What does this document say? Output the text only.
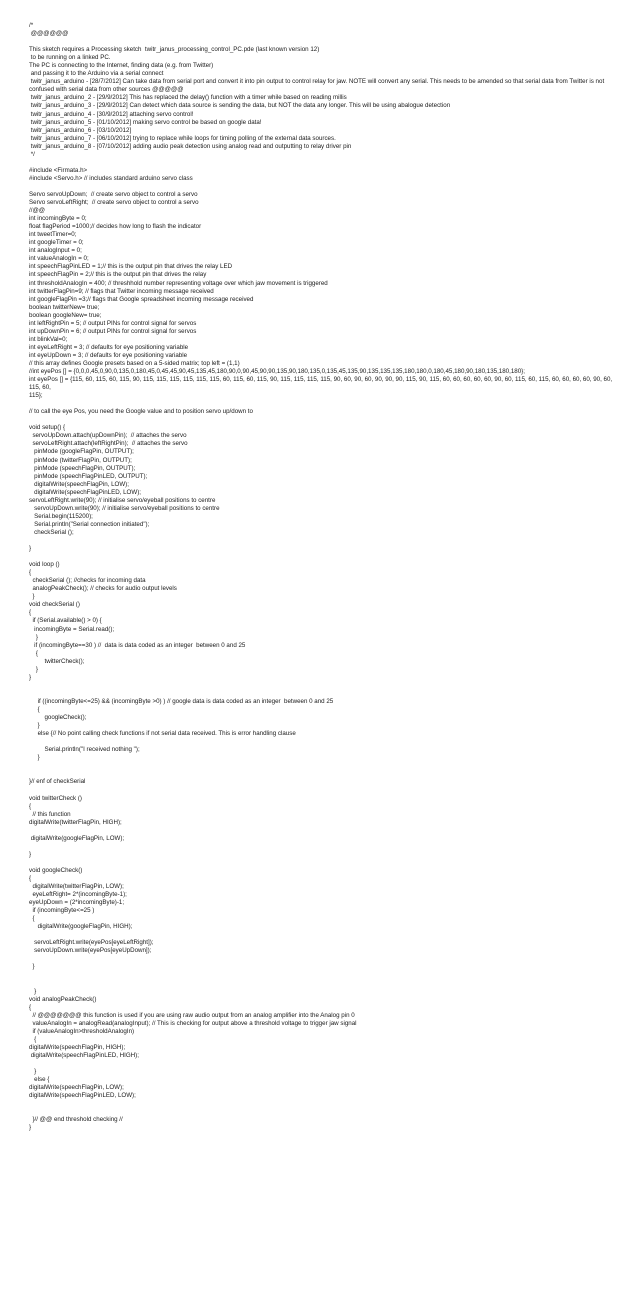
/*
@@@@@@
This sketch requires a Processing sketch  twitr_janus_processing_control_PC.pde (last known version 12)
to be running on a linked PC.
The PC is connecting to the Internet, finding data (e.g. from Twitter)
and passing it to the Arduino via a serial connect
twitr_janus_arduino - [28/7/2012] Can take data from serial port and convert it into pin output to control relay for jaw. NOTE will convert any serial. This needs to be amended so that serial data from Twitter is not
confused with serial data from other sources @@@@@
twitr_janus_arduino_2 - [29/9/2012] This has replaced the delay() function with a timer while based on reading millis
twitr_janus_arduino_3 - [29/9/2012] Can detect which data source is sending the data, but NOT the data any longer. This will be using abalogue detection
twitr_janus_arduino_4 - [30/9/2012] attaching servo control!
twitr_janus_arduino_5 - [01/10/2012] making servo control be based on google data!
twitr_janus_arduino_6 - [03/10/2012]
twitr_janus_arduino_7 - [06/10/2012] trying to replace while loops for timing polling of the external data sources.
twitr_janus_arduino_8 - [07/10/2012] adding audio peak detection using analog read and outputting to relay driver pin
*/
#include <Firmata.h>
#include <Servo.h> // includes standard arduino servo class
Servo servoUpDown;  // create servo object to control a servo
Servo servoLeftRight;  // create servo object to control a servo
//@@
int incomingByte = 0;
float flagPeriod =1000;// decides how long to flash the indicator
int tweetTimer=0;
int googleTimer = 0;
int analogInput = 0;
int valueAnalogIn = 0;
int speechFlagPinLED = 1;// this is the output pin that drives the relay LED
int speechFlagPin = 2;// this is the output pin that drives the relay
int thresholdAnalogIn = 400; // threshhold number representing voltage over which jaw movement is triggered
int twitterFlagPin=9; // flags that Twitter incoming message received
int googleFlagPin =3;// flags that Google spreadsheet incoming message received
boolean twitterNew= true;
boolean googleNew= true;
int leftRightPin = 5; // output PINs for control signal for servos
int upDownPin = 6; // output PINs for control signal for servos
int blinkVal=0;
int eyeLeftRight = 3; // defaults for eye positioning variable
int eyeUpDown = 3; // defaults for eye positioning variable
// this array defines Google presets based on a 5-sided matrix; top left = (1,1)
//int eyePos [] = {0,0,0,45,0,90,0,135,0,180,45,0,45,45,90,45,135,45,180,90,0,90,45,90,90,135,90,180,135,0,135,45,135,90,135,135,135,180,180,0,180,45,180,90,180,135,180,180};
int eyePos [] = {115, 60, 115, 60, 115, 90, 115, 115, 115, 115, 115, 115, 60, 115, 60, 115, 90, 115, 115, 115, 115, 90, 60, 90, 60, 90, 90, 90, 115, 90, 115, 60, 60, 60, 60, 60, 90, 60, 115, 60, 115, 60, 60, 60, 60, 90, 60, 115, 60,
115};
// to call the eye Pos, you need the Google value and to position servo up/down to
void setup() {
servoUpDown.attach(upDownPin);  // attaches the servo
servoLeftRight.attach(leftRightPin);  // attaches the servo
pinMode (googleFlagPin, OUTPUT);
pinMode (twitterFlagPin, OUTPUT);
pinMode (speechFlagPin, OUTPUT);
pinMode (speechFlagPinLED, OUTPUT);
digitalWrite(speechFlagPin, LOW);
digitalWrite(speechFlagPinLED, LOW);
servoLeftRight.write(90); // initialise servo/eyeball positions to centre
servoUpDown.write(90); // initialise servo/eyeball positions to centre
Serial.begin(115200);
Serial.println("Serial connection initiated");
checkSerial ();
}
void loop ()
{
checkSerial (); //checks for incoming data
analogPeakCheck(); // checks for audio output levels
}
void checkSerial ()
{
if (Serial.available() > 0) {
incomingByte = Serial.read();
}
if (incomingByte==30 ) //  data is data coded as an integer  between 0 and 25
{
twitterCheck();
}
}
if ((incomingByte<=25) && (incomingByte >0) ) // google data is data coded as an integer  between 0 and 25
{
googleCheck();
}
else {// No point calling check functions if not serial data received. This is error handling clause
Serial.println("I received nothing ");
}
}// enf of checkSerial
void twitterCheck ()
{
// this function
digitalWrite(twitterFlagPin, HIGH);
digitalWrite(googleFlagPin, LOW);
}
void googleCheck()
{
digitalWrite(twitterFlagPin, LOW);
eyeLeftRight= 2*(incomingByte-1);
eyeUpDown = (2*incomingByte)-1;
if (incomingByte<=25 )
{
digitalWrite(googleFlagPin, HIGH);
servoLeftRight.write(eyePos[eyeLeftRight]);
servoUpDown.write(eyePos[eyeUpDown]);
}
}
void analogPeakCheck()
{
// @@@@@@@ this function is used if you are using raw audio output from an analog amplifier into the Analog pin 0
valueAnalogIn = analogRead(analogInput); // This is checking for output above a threshold voltage to trigger jaw signal
if (valueAnalogIn>thresholdAnalogIn)
{
digitalWrite(speechFlagPin, HIGH);
digitalWrite(speechFlagPinLED, HIGH);
}
else {
digitalWrite(speechFlagPin, LOW);
digitalWrite(speechFlagPinLED, LOW);
}// @@ end threshold checking //
}
